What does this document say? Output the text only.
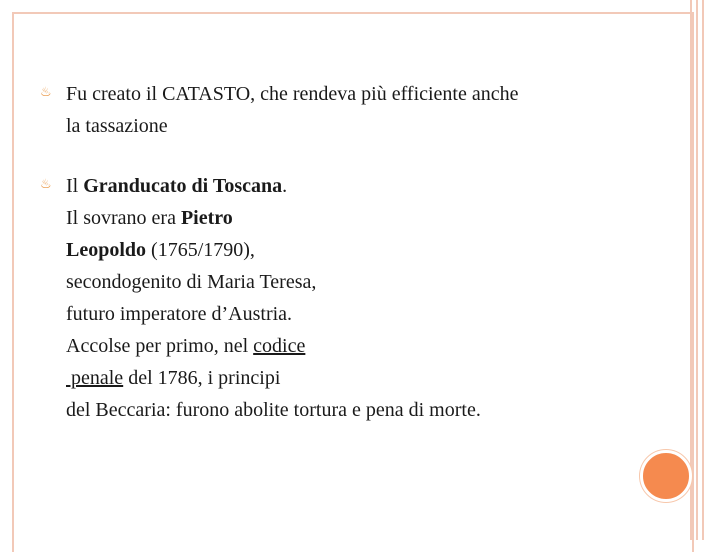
♨ Fu creato il CATASTO, che rendeva più efficiente anche
la tassazione
♨ Il Granducato di Toscana.
Il sovrano era Pietro
Leopoldo (1765/1790),
secondogenito di Maria Teresa,
futuro imperatore d’Austria.
Accolse per primo, nel codice
penale del 1786, i principi
del Beccaria: furono abolite tortura e pena di morte.
